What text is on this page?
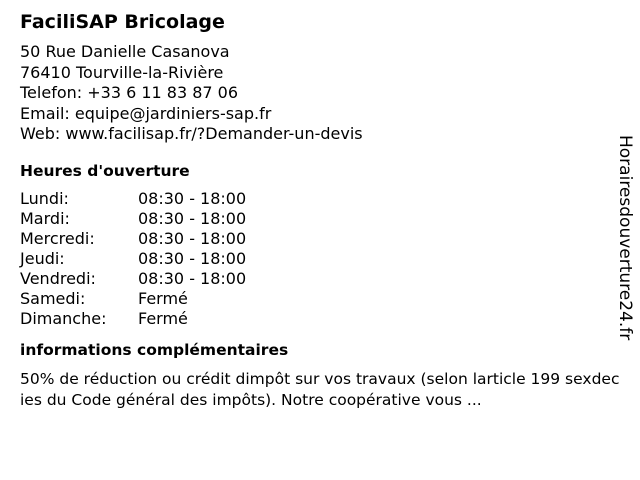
FaciliSAP Bricolage
50 Rue Danielle Casanova
76410 Tourville-la-Rivière
Telefon: +33 6 11 83 87 06
Email: equipe@jardiniers-sap.fr
Web: www.facilisap.fr/?Demander-un-devis
Heures d'ouverture
Lundi:	08:30 - 18:00
Mardi:	08:30 - 18:00
Mercredi:	08:30 - 18:00
Jeudi:	08:30 - 18:00
Vendredi:	08:30 - 18:00
Samedi:	Fermé
Dimanche:	Fermé
informations complémentaires
50% de réduction ou crédit dimpôt sur vos travaux (selon larticle 199 sexdecies du Code général des impôts). Notre coopérative vous ...
Horairesdouverture24.fr
